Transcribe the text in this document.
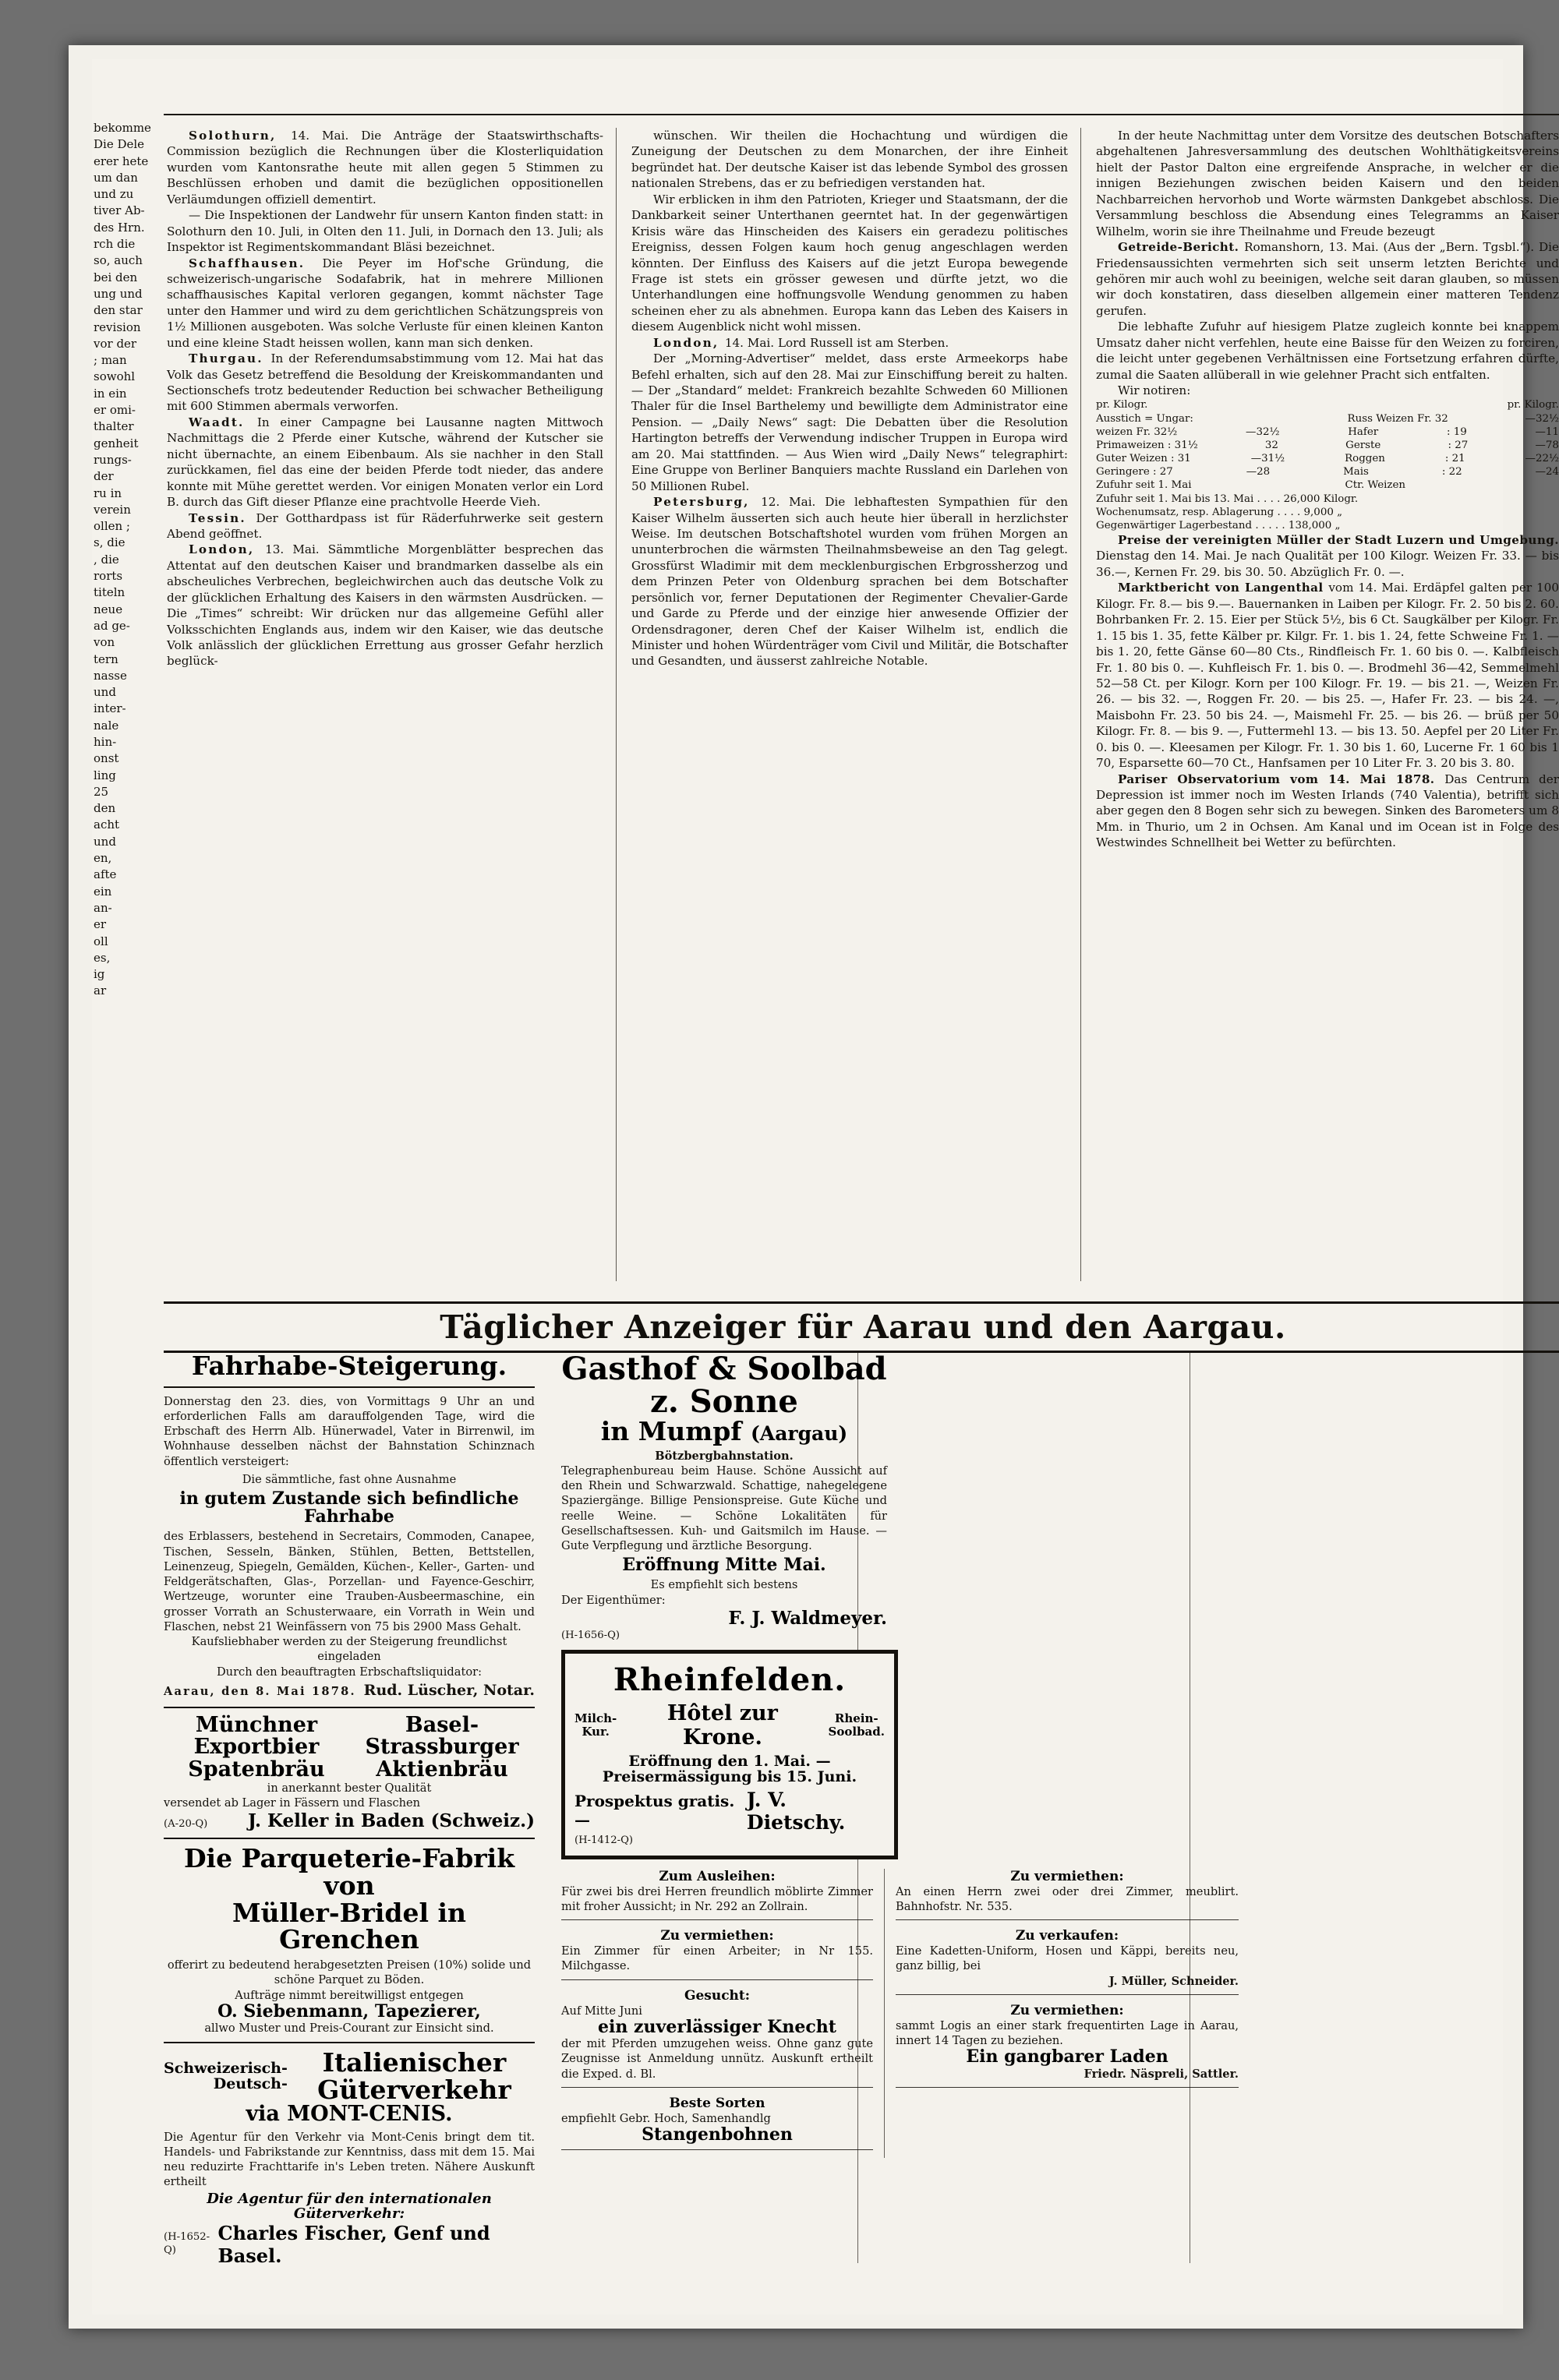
bekomme
Die Dele
erer hete
um dan
und zu
tiver Ab-
des Hrn.
rch die
so, auch
bei den
ung und
den star
revision
vor der
; man
sowohl
in ein
er omi-
thalter
genheit
rungs-
der
ru in
verein
ollen ;
s, die
, die
rorts
titeln
neue
ad ge-
von
tern
nasse
und
inter-
nale
hin-
onst
ling
25
den
acht
und
en,
afte
ein
an-
er
oll
es,
ig
ar

Solothurn, 14. Mai. Die Anträge der Staatswirthschafts-Commission bezüglich die Rechnungen über die Klosterliquidation wurden vom Kantonsrathe heute mit allen gegen 5 Stimmen zu Beschlüssen erhoben und damit die bezüglichen oppositionellen Verläumdungen offiziell dementirt.

— Die Inspektionen der Landwehr für unsern Kanton finden statt: in Solothurn den 10. Juli, in Olten den 11. Juli, in Dornach den 13. Juli; als Inspektor ist Regimentskommandant Bläsi bezeichnet.

Schaffhausen. Die Peyer im Hof'sche Gründung, die schweizerisch-ungarische Sodafabrik, hat in mehrere Millionen schaffhausisches Kapital verloren gegangen, kommt nächster Tage unter den Hammer und wird zu dem gerichtlichen Schätzungspreis von 1½ Millionen ausgeboten. Was solche Verluste für einen kleinen Kanton und eine kleine Stadt heissen wollen, kann man sich denken.

Thurgau. In der Referendumsabstimmung vom 12. Mai hat das Volk das Gesetz betreffend die Besoldung der Kreiskommandanten und Sectionschefs trotz bedeutender Reduction bei schwacher Betheiligung mit 600 Stimmen abermals verworfen.

Waadt. In einer Campagne bei Lausanne nagten Mittwoch Nachmittags die 2 Pferde einer Kutsche, während der Kutscher sie nicht übernachte, an einem Eibenbaum. Als sie nachher in den Stall zurückkamen, fiel das eine der beiden Pferde todt nieder, das andere konnte mit Mühe gerettet werden. Vor einigen Monaten verlor ein Lord B. durch das Gift dieser Pflanze eine prachtvolle Heerde Vieh.

Tessin. Der Gotthardpass ist für Räderfuhrwerke seit gestern Abend geöffnet.

London, 13. Mai. Sämmtliche Morgenblätter besprechen das Attentat auf den deutschen Kaiser und brandmarken dasselbe als ein abscheuliches Verbrechen, begleichwirchen auch das deutsche Volk zu der glücklichen Erhaltung des Kaisers in den wärmsten Ausdrücken. — Die „Times“ schreibt: Wir drücken nur das allgemeine Gefühl aller Volksschichten Englands aus, indem wir den Kaiser, wie das deutsche Volk anlässlich der glücklichen Errettung aus grosser Gefahr herzlich beglück-

wünschen. Wir theilen die Hochachtung und würdigen die Zuneigung der Deutschen zu dem Monarchen, der ihre Einheit begründet hat. Der deutsche Kaiser ist das lebende Symbol des grossen nationalen Strebens, das er zu befriedigen verstanden hat.

Wir erblicken in ihm den Patrioten, Krieger und Staatsmann, der die Dankbarkeit seiner Unterthanen geerntet hat. In der gegenwärtigen Krisis wäre das Hinscheiden des Kaisers ein geradezu politisches Ereigniss, dessen Folgen kaum hoch genug angeschlagen werden könnten. Der Einfluss des Kaisers auf die jetzt Europa bewegende Frage ist stets ein grösser gewesen und dürfte jetzt, wo die Unterhandlungen eine hoffnungsvolle Wendung genommen zu haben scheinen eher zu als abnehmen. Europa kann das Leben des Kaisers in diesem Augenblick nicht wohl missen.

London, 14. Mai. Lord Russell ist am Sterben.

Der „Morning-Advertiser“ meldet, dass erste Armeekorps habe Befehl erhalten, sich auf den 28. Mai zur Einschiffung bereit zu halten. — Der „Standard“ meldet: Frankreich bezahlte Schweden 60 Millionen Thaler für die Insel Barthelemy und bewilligte dem Administrator eine Pension. — „Daily News“ sagt: Die Debatten über die Resolution Hartington betreffs der Verwendung indischer Truppen in Europa wird am 20. Mai stattfinden. — Aus Wien wird „Daily News“ telegraphirt: Eine Gruppe von Berliner Banquiers machte Russland ein Darlehen von 50 Millionen Rubel.

Petersburg, 12. Mai. Die lebhaftesten Sympathien für den Kaiser Wilhelm äusserten sich auch heute hier überall in herzlichster Weise. Im deutschen Botschaftshotel wurden vom frühen Morgen an ununterbrochen die wärmsten Theilnahmsbeweise an den Tag gelegt. Grossfürst Wladimir mit dem mecklenburgischen Erbgrossherzog und dem Prinzen Peter von Oldenburg sprachen bei dem Botschafter persönlich vor, ferner Deputationen der Regimenter Chevalier-Garde und Garde zu Pferde und der einzige hier anwesende Offizier der Ordensdragoner, deren Chef der Kaiser Wilhelm ist, endlich die Minister und hohen Würdenträger vom Civil und Militär, die Botschafter und Gesandten, und äusserst zahlreiche Notable.

In der heute Nachmittag unter dem Vorsitze des deutschen Botschafters abgehaltenen Jahresversammlung des deutschen Wohlthätigkeitsvereins hielt der Pastor Dalton eine ergreifende Ansprache, in welcher er die innigen Beziehungen zwischen beiden Kaisern und den beiden Nachbarreichen hervorhob und Worte wärmsten Dankgebet abschloss. Die Versammlung beschloss die Absendung eines Telegramms an Kaiser Wilhelm, worin sie ihre Theilnahme und Freude bezeugt

Getreide-Bericht. Romanshorn, 13. Mai. (Aus der „Bern. Tgsbl.“). Die Friedensaussichten vermehrten sich seit unserm letzten Berichte und gehören mir auch wohl zu beeinigen, welche seit daran glauben, so müssen wir doch konstatiren, dass dieselben allgemein einer matteren Tendenz gerufen.

Die lebhafte Zufuhr auf hiesigem Platze zugleich konnte bei knappem Umsatz daher nicht verfehlen, heute eine Baisse für den Weizen zu forciren, die leicht unter gegebenen Verhältnissen eine Fortsetzung erfahren dürfte, zumal die Saaten allüberall in wie gelehner Pracht sich entfalten.

Wir notiren:

pr. Kilogr.	pr. Kilogr.
Ausstich = Ungar:	Russ Weizen Fr. 32	—32½
weizen Fr. 32½	—32½	Hafer	: 19	—11
Primaweizen : 31½	32	Gerste	: 27	—78
Guter Weizen : 31	—31½	Roggen	: 21	—22½
Geringere : 27	—28	Mais	: 22	—24
Zufuhr seit 1. Mai	Ctr. Weizen
Zufuhr seit 1. Mai bis 13. Mai . . . . 26,000 Kilogr.
Wochenumsatz, resp. Ablagerung . . . . 9,000 „
Gegenwärtiger Lagerbestand . . . . . 138,000 „

Preise der vereinigten Müller der Stadt Luzern und Umgebung. Dienstag den 14. Mai. Je nach Qualität per 100 Kilogr. Weizen Fr. 33. — bis 36.—, Kernen Fr. 29. bis 30. 50. Abzüglich Fr. 0. —.

Marktbericht von Langenthal vom 14. Mai. Erdäpfel galten per 100 Kilogr. Fr. 8.— bis 9.—. Bauernanken in Laiben per Kilogr. Fr. 2. 50 bis 2. 60. Bohrbanken Fr. 2. 15. Eier per Stück 5½, bis 6 Ct. Saugkälber per Kilogr. Fr. 1. 15 bis 1. 35, fette Kälber pr. Kilgr. Fr. 1. bis 1. 24, fette Schweine Fr. 1. — bis 1. 20, fette Gänse 60—80 Cts., Rindfleisch Fr. 1. 60 bis 0. —. Kalbfleisch Fr. 1. 80 bis 0. —. Kuhfleisch Fr. 1. bis 0. —. Brodmehl 36—42, Semmelmehl 52—58 Ct. per Kilogr. Korn per 100 Kilogr. Fr. 19. — bis 21. —, Weizen Fr. 26. — bis 32. —, Roggen Fr. 20. — bis 25. —, Hafer Fr. 23. — bis 24. —, Maisbohn Fr. 23. 50 bis 24. —, Maismehl Fr. 25. — bis 26. — brüß per 50 Kilogr. Fr. 8. — bis 9. —, Futtermehl 13. — bis 13. 50. Aepfel per 20 Liter Fr. 0. bis 0. —. Kleesamen per Kilogr. Fr. 1. 30 bis 1. 60, Lucerne Fr. 1 60 bis 1 70, Esparsette 60—70 Ct., Hanfsamen per 10 Liter Fr. 3. 20 bis 3. 80.

Pariser Observatorium vom 14. Mai 1878. Das Centrum der Depression ist immer noch im Westen Irlands (740 Valentia), betrifft sich aber gegen den 8 Bogen sehr sich zu bewegen. Sinken des Barometers um 8 Mm. in Thurio, um 2 in Ochsen. Am Kanal und im Ocean ist in Folge des Westwindes Schnellheit bei Wetter zu befürchten.

Täglicher Anzeiger für Aarau und den Aargau.
Fahrhabe-Steigerung.
Donnerstag den 23. dies, von Vormittags 9 Uhr an und erforderlichen Falls am darauffolgenden Tage, wird die Erbschaft des Herrn Alb. Hünerwadel, Vater in Birrenwil, im Wohnhause desselben nächst der Bahnstation Schinznach öffentlich versteigert:
Die sämmtliche, fast ohne Ausnahme
in gutem Zustande sich befindliche Fahrhabe
des Erblassers, bestehend in Secretairs, Commoden, Canapee, Tischen, Sesseln, Bänken, Stühlen, Betten, Bettstellen, Leinenzeug, Spiegeln, Gemälden, Küchen-, Keller-, Garten- und Feldgerätschaften, Glas-, Porzellan- und Fayence-Geschirr, Wertzeuge, worunter eine Trauben-Ausbeermaschine, ein grosser Vorrath an Schusterwaare, ein Vorrath in Wein und Flaschen, nebst 21 Weinfässern von 75 bis 2900 Mass Gehalt.
Kaufsliebhaber werden zu der Steigerung freundlichst eingeladen
Durch den beauftragten Erbschaftsliquidator:
Aarau, den 8. Mai 1878. Rud. Lüscher, Notar.
Münchner Exportbier
Spatenbräu
Basel-Strassburger
Aktienbräu
in anerkannt bester Qualität
versendet ab Lager in Fässern und Flaschen
(A-20-Q) J. Keller in Baden (Schweiz.)
Die Parqueterie-Fabrik von
Müller-Bridel in Grenchen
offerirt zu bedeutend herabgesetzten Preisen (10%) solide und schöne Parquet zu Böden.
Aufträge nimmt bereitwilligst entgegen
O. Siebenmann, Tapezierer,
allwo Muster und Preis-Courant zur Einsicht sind.
Schweizerisch-
Deutsch-
Italienischer Güterverkehr
via MONT-CENIS.
Die Agentur für den Verkehr via Mont-Cenis bringt dem tit. Handels- und Fabrikstande zur Kenntniss, dass mit dem 15. Mai neu reduzirte Frachttarife in's Leben treten. Nähere Auskunft ertheilt
Die Agentur für den internationalen Güterverkehr:
(H-1652-Q)
Charles Fischer, Genf und Basel.
Gasthof & Soolbad z. Sonne
in Mumpf (Aargau)
Bötzbergbahnstation.
Telegraphenbureau beim Hause. Schöne Aussicht auf den Rhein und Schwarzwald. Schattige, nahegelegene Spaziergänge. Billige Pensionspreise. Gute Küche und reelle Weine. — Schöne Lokalitäten für Gesellschaftsessen. Kuh- und Gaitsmilch im Hause. — Gute Verpflegung und ärztliche Besorgung.
Eröffnung Mitte Mai.
Es empfiehlt sich bestens
Der Eigenthümer:
F. J. Waldmeyer.
(H-1656-Q)
Rheinfelden.
Milch-
Kur.
Hôtel zur Krone.
Rhein-
Soolbad.
Eröffnung den 1. Mai. — Preisermässigung bis 15. Juni.
Prospektus gratis. —
J. V. Dietschy.
(H-1412-Q)
Zum Ausleihen:
Für zwei bis drei Herren freundlich möblirte Zimmer mit froher Aussicht; in Nr. 292 an Zollrain.
Zu vermiethen:
Ein Zimmer für einen Arbeiter; in Nr 155. Milchgasse.
Gesucht:
Auf Mitte Juni
ein zuverlässiger Knecht
der mit Pferden umzugehen weiss. Ohne ganz gute Zeugnisse ist Anmeldung unnütz. Auskunft ertheilt die Exped. d. Bl.
Beste Sorten
empfiehlt Gebr. Hoch, Samenhandlg
Stangenbohnen
Zu vermiethen:
An einen Herrn zwei oder drei Zimmer, meublirt. Bahnhofstr. Nr. 535.
Zu verkaufen:
Eine Kadetten-Uniform, Hosen und Käppi, bereits neu, ganz billig, bei
J. Müller, Schneider.
Zu vermiethen:
sammt Logis an einer stark frequentirten Lage in Aarau, innert 14 Tagen zu beziehen.
Ein gangbarer Laden
Friedr. Näspreli, Sattler.
